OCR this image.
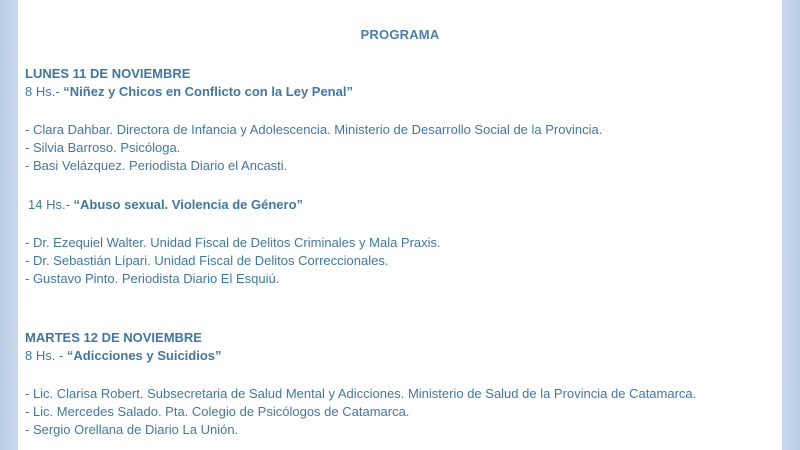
PROGRAMA
LUNES 11 DE NOVIEMBRE
8 Hs.- “Niñez y Chicos en Conflicto con la Ley Penal”
- Clara Dahbar. Directora de Infancia y Adolescencia. Ministerio de Desarrollo Social de la Provincia.
- Silvia Barroso. Psicóloga.
- Basi Velázquez. Periodista Diario el Ancasti.
14 Hs.- “Abuso sexual. Violencia de Género”
- Dr. Ezequiel Walter. Unidad Fiscal de Delitos Criminales y Mala Praxis.
- Dr. Sebastián Lípari. Unidad Fiscal de Delitos Correccionales.
- Gustavo Pinto. Periodista Diario El Esquiú.
MARTES 12 DE NOVIEMBRE
8 Hs. - “Adicciones y Suicidios”
- Lic. Clarisa Robert. Subsecretaria de Salud Mental y Adicciones. Ministerio de Salud de la Provincia de Catamarca.
- Lic. Mercedes Salado. Pta. Colegio de Psicólogos de Catamarca.
- Sergio Orellana de Diario La Unión.
